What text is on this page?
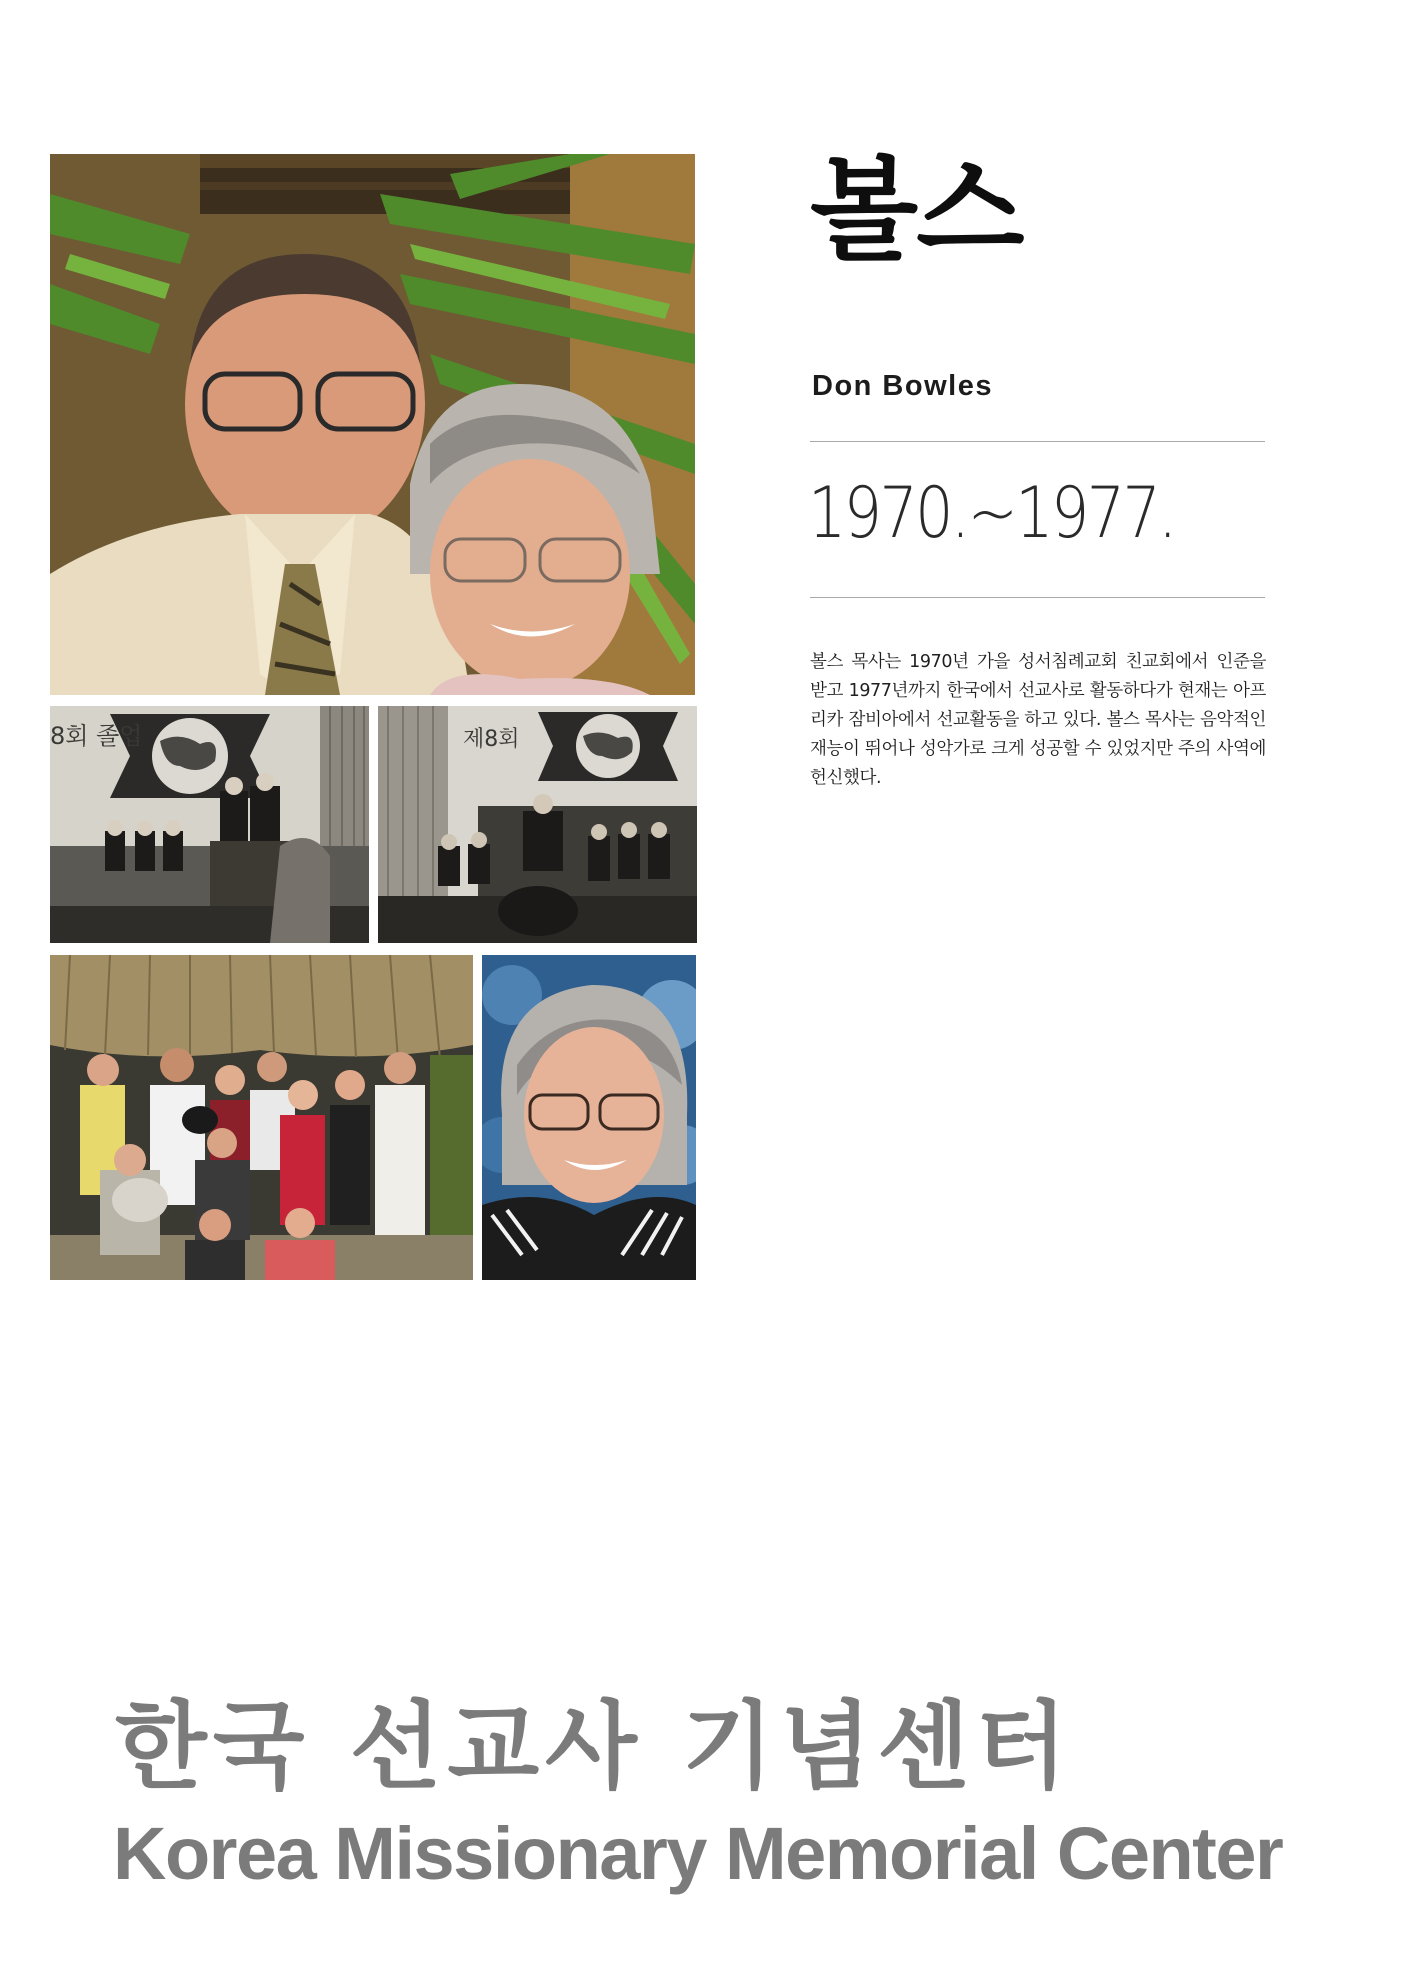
8회 졸업	제8회
볼스

Don Bowles

1970.~1977.

볼스 목사는 1970년 가을 성서침례교회 친교회에서 인준을 받고 1977년까지 한국에서 선교사로 활동하다가 현재는 아프리카 잠비아에서 선교활동을 하고 있다. 볼스 목사는 음악적인 재능이 뛰어나 성악가로 크게 성공할 수 있었지만 주의 사역에 헌신했다.

한국 선교사 기념센터

Korea Missionary Memorial Center
